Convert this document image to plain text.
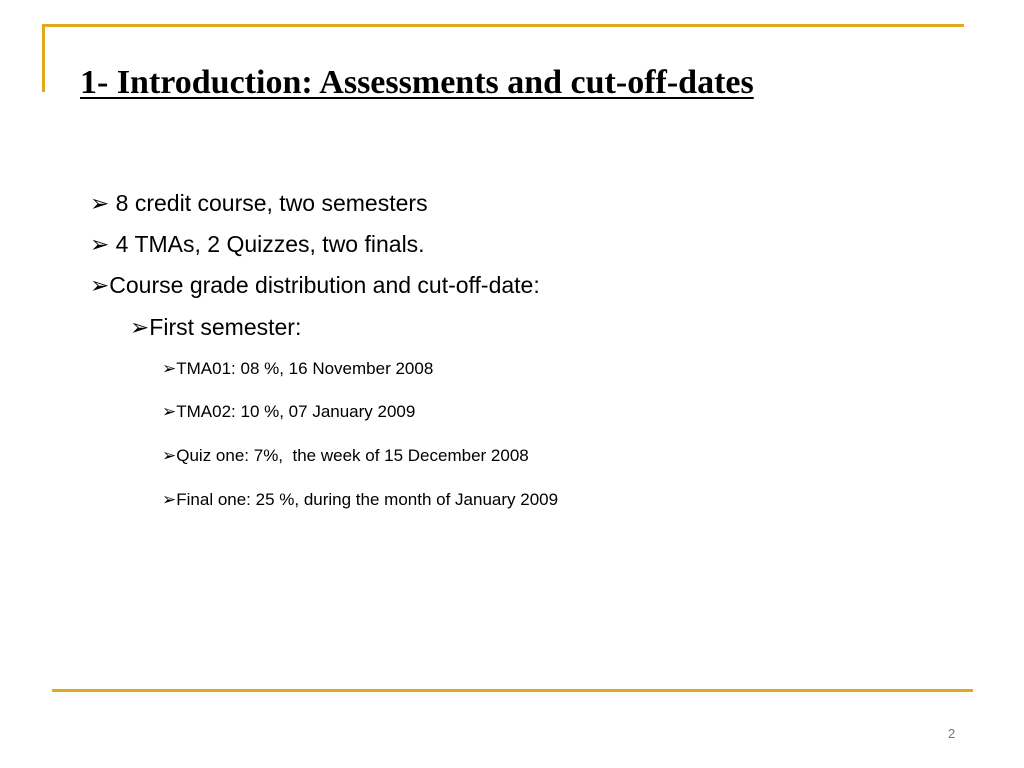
1- Introduction: Assessments and cut-off-dates
➢ 8 credit course, two semesters
➢ 4 TMAs, 2 Quizzes, two finals.
➢Course grade distribution and cut-off-date:
➢First semester:
➢TMA01: 08 %, 16 November 2008
➢TMA02: 10 %, 07 January 2009
➢Quiz one: 7%,  the week of 15 December 2008
➢Final one: 25 %, during the month of January 2009
2
